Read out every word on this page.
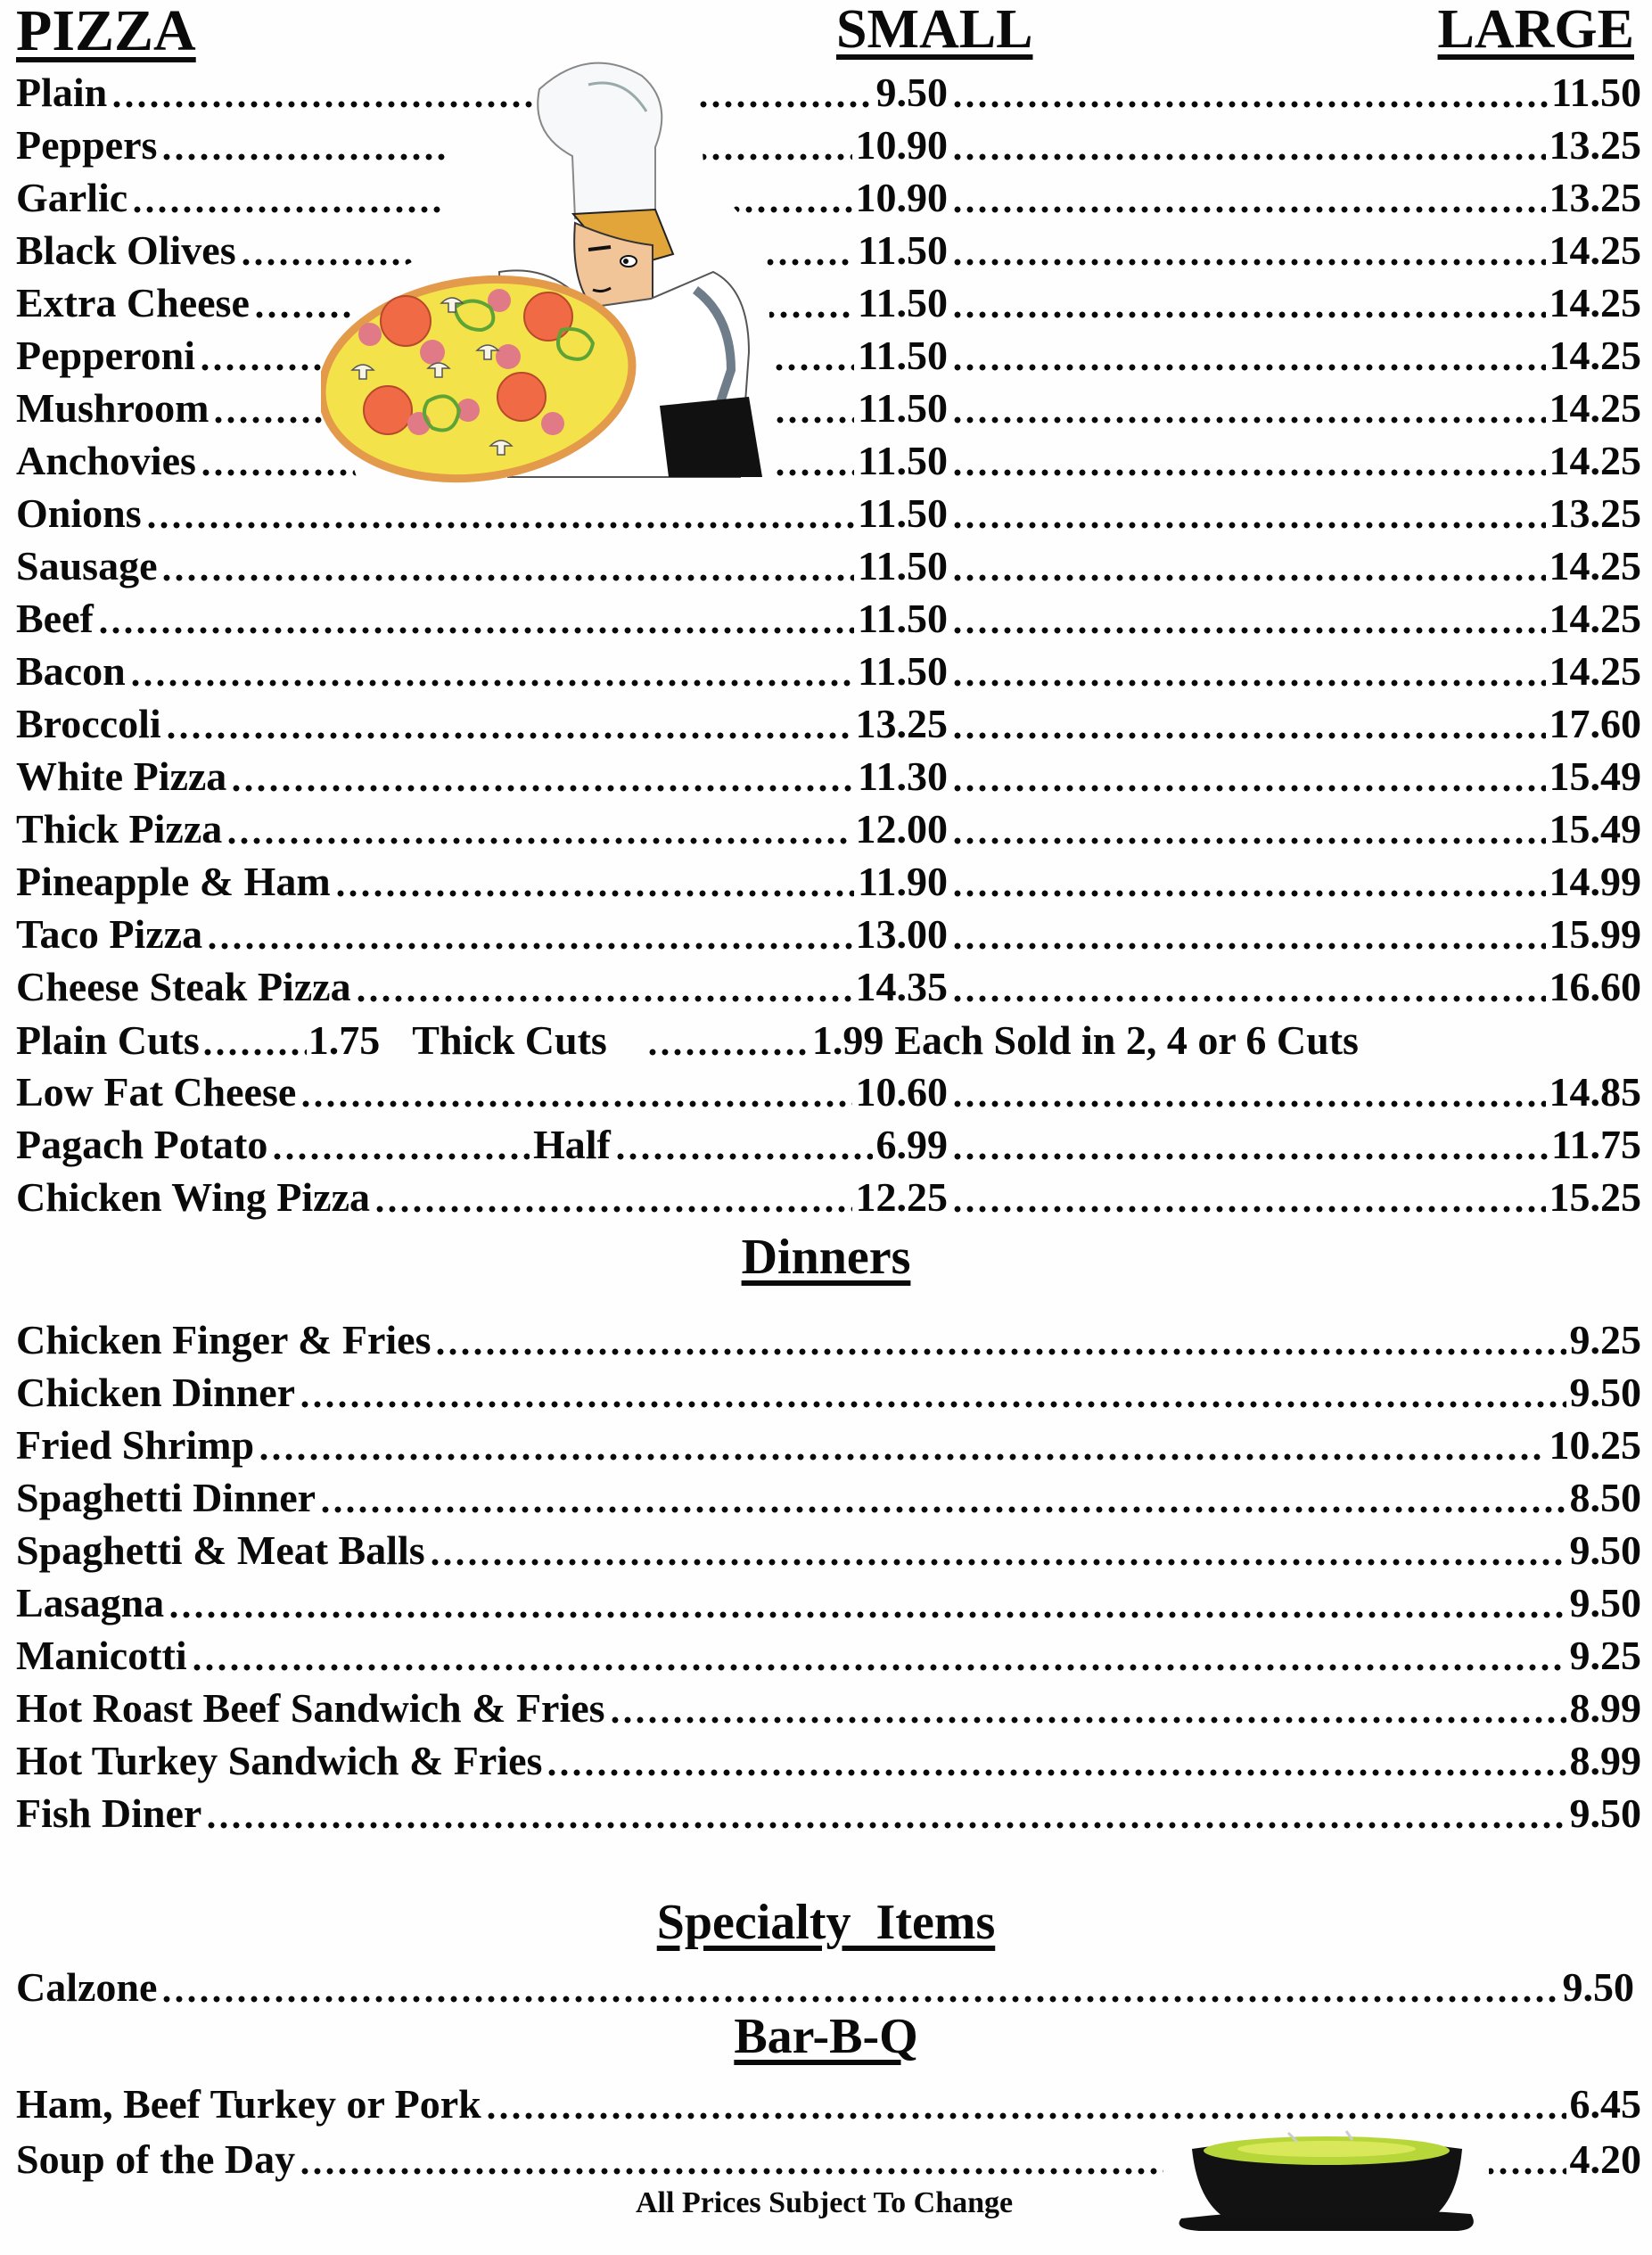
PIZZA	SMALL	LARGE
Plain	9.50	11.50
Peppers	10.90	13.25
Garlic	10.90	13.25
Black Olives	11.50	14.25
Extra Cheese	11.50	14.25
Pepperoni	11.50	14.25
Mushroom	11.50	14.25
Anchovies	11.50	14.25
Onions	11.50	13.25
Sausage	11.50	14.25
Beef	11.50	14.25
Bacon	11.50	14.25
Broccoli	13.25	17.60
White Pizza	11.30	15.49
Thick Pizza	12.00	15.49
Pineapple & Ham	11.90	14.99
Taco Pizza	13.00	15.99
Cheese Steak Pizza	14.35	16.60
Plain Cuts	1.75 Thick Cuts	1.99 Each Sold in 2, 4 or 6 Cuts
Low Fat Cheese	10.60	14.85
Pagach Potato	Half	6.99	11.75
Chicken Wing Pizza	12.25	15.25
Dinners
Chicken Finger & Fries	9.25
Chicken Dinner	9.50
Fried Shrimp	10.25
Spaghetti Dinner	8.50
Spaghetti & Meat Balls	9.50
Lasagna	9.50
Manicotti	9.25
Hot Roast Beef Sandwich & Fries	8.99
Hot Turkey Sandwich & Fries	8.99
Fish Diner	9.50
Specialty  Items
Calzone	9.50
Bar-B-Q
Ham, Beef Turkey or Pork	6.45
Soup of the Day	4.20
All Prices Subject To Change
